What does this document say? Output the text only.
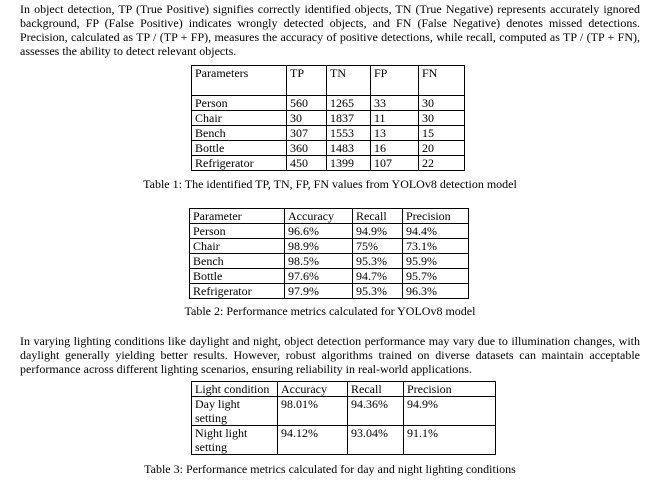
In object detection, TP (True Positive) signifies correctly identified objects, TN (True Negative) represents accurately ignored background, FP (False Positive) indicates wrongly detected objects, and FN (False Negative) denotes missed detections. Precision, calculated as TP / (TP + FP), measures the accuracy of positive detections, while recall, computed as TP / (TP + FN), assesses the ability to detect relevant objects.

Parameters	TP	TN	FP	FN
Person	560	1265	33	30
Chair	30	1837	11	30
Bench	307	1553	13	15
Bottle	360	1483	16	20
Refrigerator	450	1399	107	22
Table 1: The identified TP, TN, FP, FN values from YOLOv8 detection model
Parameter	Accuracy	Recall	Precision
Person	96.6%	94.9%	94.4%
Chair	98.9%	75%	73.1%
Bench	98.5%	95.3%	95.9%
Bottle	97.6%	94.7%	95.7%
Refrigerator	97.9%	95.3%	96.3%
Table 2: Performance metrics calculated for YOLOv8 model

In varying lighting conditions like daylight and night, object detection performance may vary due to illumination changes, with daylight generally yielding better results. However, robust algorithms trained on diverse datasets can maintain acceptable performance across different lighting scenarios, ensuring reliability in real-world applications.

Light condition	Accuracy	Recall	Precision
Day light setting	98.01%	94.36%	94.9%
Night light setting	94.12%	93.04%	91.1%
Table 3: Performance metrics calculated for day and night lighting conditions
